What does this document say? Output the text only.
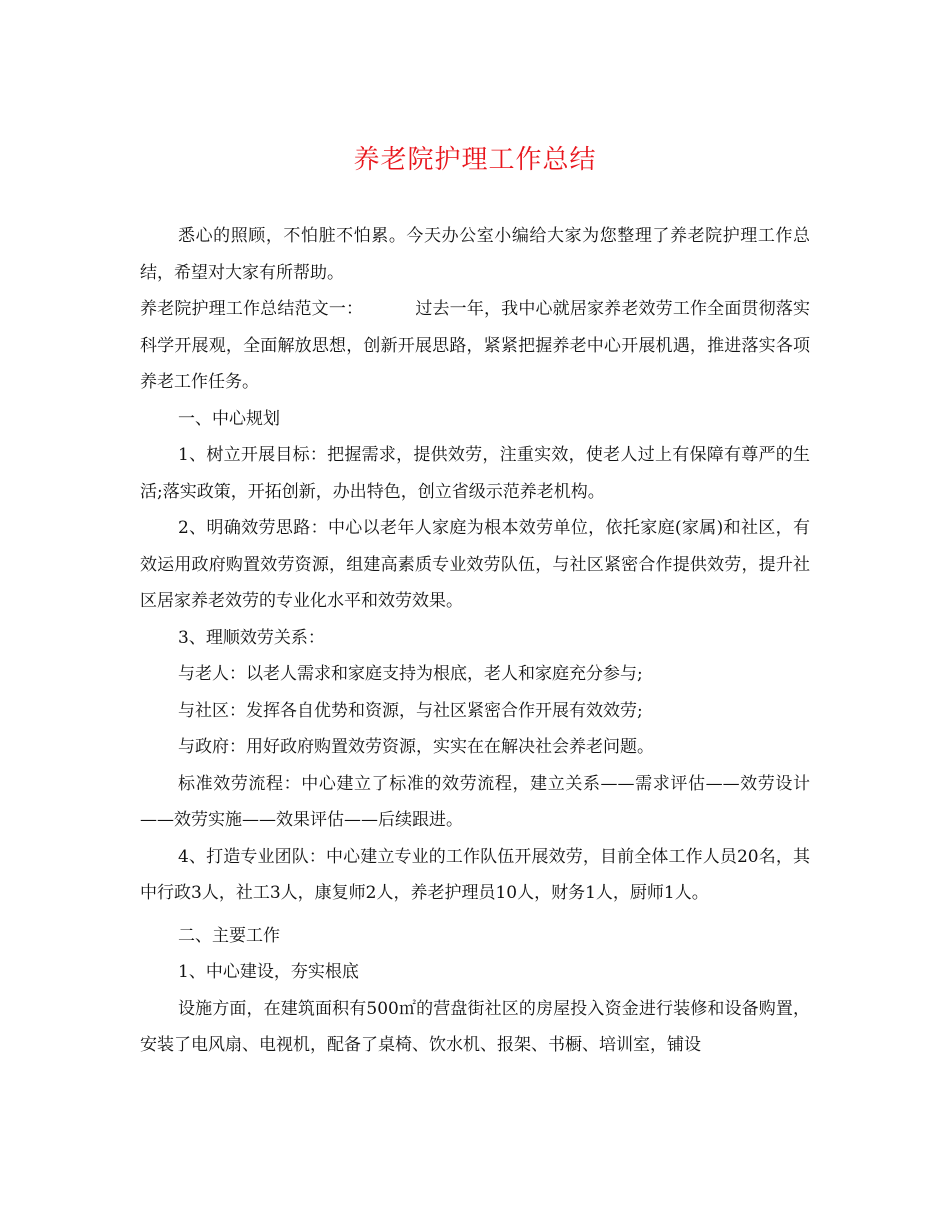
养老院护理工作总结

悉心的照顾，不怕脏不怕累。今天办公室小编给大家为您整理了养老院护理工作总结，希望对大家有所帮助。

养老院护理工作总结范文一：	过去一年，我中心就居家养老效劳工作全面贯彻落实科学开展观，全面解放思想，创新开展思路，紧紧把握养老中心开展机遇，推进落实各项养老工作任务。

一、中心规划

1、树立开展目标：把握需求，提供效劳，注重实效，使老人过上有保障有尊严的生活;落实政策，开拓创新，办出特色，创立省级示范养老机构。

2、明确效劳思路：中心以老年人家庭为根本效劳单位，依托家庭(家属)和社区，有效运用政府购置效劳资源，组建高素质专业效劳队伍，与社区紧密合作提供效劳，提升社区居家养老效劳的专业化水平和效劳效果。

3、理顺效劳关系：

与老人：以老人需求和家庭支持为根底，老人和家庭充分参与;

与社区：发挥各自优势和资源，与社区紧密合作开展有效效劳;

与政府：用好政府购置效劳资源，实实在在解决社会养老问题。

标准效劳流程：中心建立了标准的效劳流程，建立关系——需求评估——效劳设计——效劳实施——效果评估——后续跟进。

4、打造专业团队：中心建立专业的工作队伍开展效劳，目前全体工作人员20名，其中行政3人，社工3人，康复师2人，养老护理员10人，财务1人，厨师1人。

二、主要工作

1、中心建设，夯实根底

设施方面，在建筑面积有500㎡的营盘街社区的房屋投入资金进行装修和设备购置，安装了电风扇、电视机，配备了桌椅、饮水机、报架、书橱、培训室，铺设
